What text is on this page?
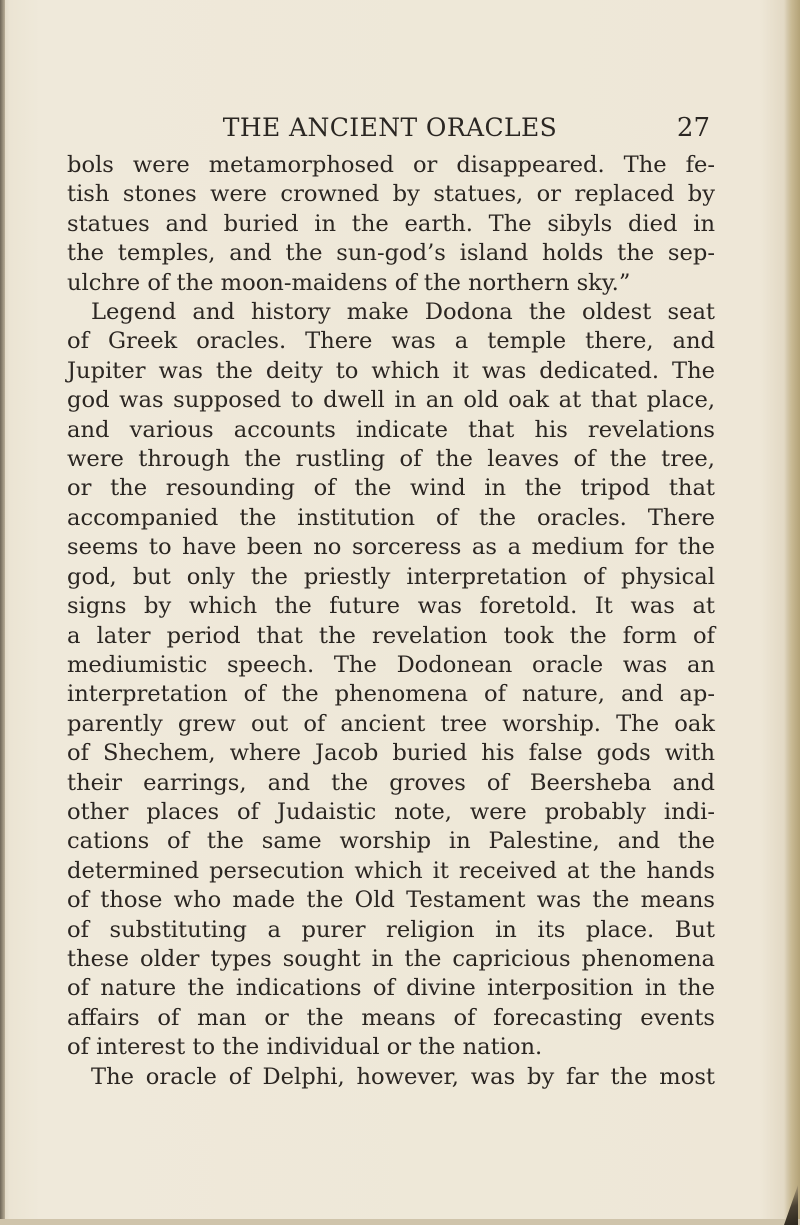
THE ANCIENT ORACLES	27
bols were metamorphosed or disappeared. The fe-
tish stones were crowned by statues, or replaced by
statues and buried in the earth. The sibyls died in
the temples, and the sun-god’s island holds the sep-
ulchre of the moon-maidens of the northern sky.”
Legend and history make Dodona the oldest seat
of Greek oracles. There was a temple there, and
Jupiter was the deity to which it was dedicated. The
god was supposed to dwell in an old oak at that place,
and various accounts indicate that his revelations
were through the rustling of the leaves of the tree,
or the resounding of the wind in the tripod that
accompanied the institution of the oracles. There
seems to have been no sorceress as a medium for the
god, but only the priestly interpretation of physical
signs by which the future was foretold. It was at
a later period that the revelation took the form of
mediumistic speech. The Dodonean oracle was an
interpretation of the phenomena of nature, and ap-
parently grew out of ancient tree worship. The oak
of Shechem, where Jacob buried his false gods with
their earrings, and the groves of Beersheba and
other places of Judaistic note, were probably indi-
cations of the same worship in Palestine, and the
determined persecution which it received at the hands
of those who made the Old Testament was the means
of substituting a purer religion in its place. But
these older types sought in the capricious phenomena
of nature the indications of divine interposition in the
affairs of man or the means of forecasting events
of interest to the individual or the nation.
The oracle of Delphi, however, was by far the most
